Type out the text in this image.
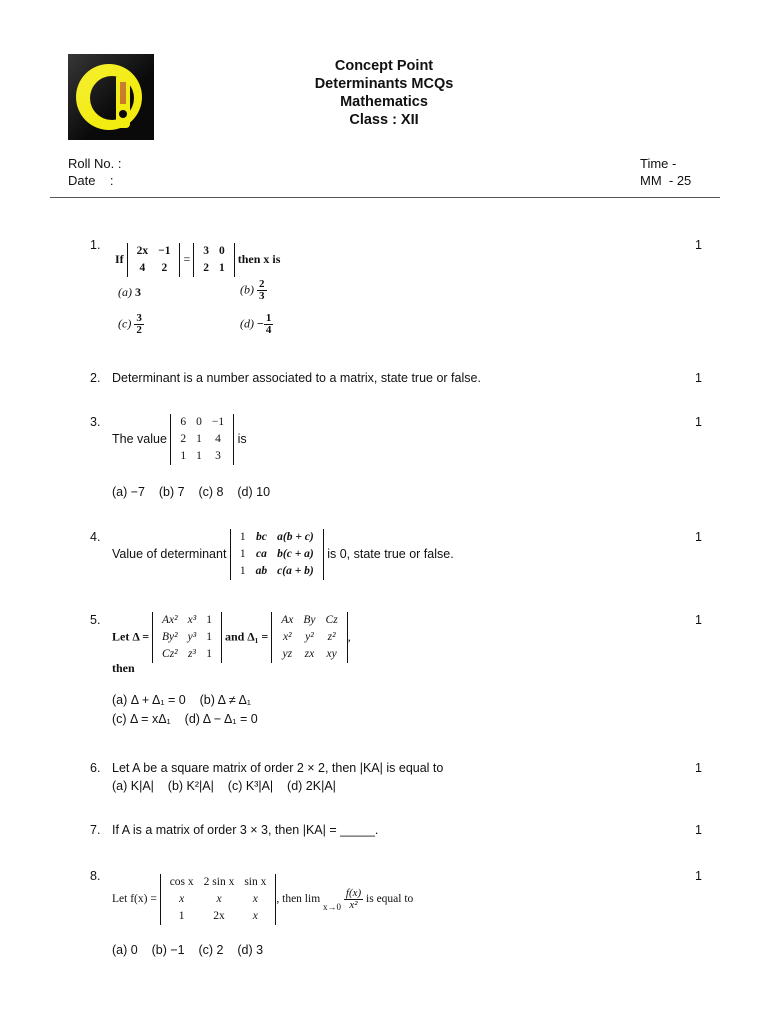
Concept Point
Determinants MCQs
Mathematics
Class : XII
Roll No. :
Date    :
Time -
MM  - 25
1.	1
If
2x	−1
4	2
=
3	0
2	1
then x is
(a) 3	$(b) \frac{2}{3}$
$(c) \frac{3}{2}$	$(d) - \frac{1}{4}$
2. Determinant is a number associated to a matrix, state true or false.	1
3.	1
The value
6	0	−1
2	1	4
1	1	3
is
(a) −7    (b) 7    (c) 8    (d) 10
4.	1
Value of determinant
1	bc	a(b + c)
1	ca	b(c + a)
1	ab	c(a + b)
is 0, state true or false.
5.	1
Let Δ =
Ax²	x³	1
By²	y³	1
Cz²	z³	1
and Δ₁ =
Ax	By	Cz
x²	y²	z²
yz	zx	xy
,
then
(a) Δ + Δ₁ = 0    (b) Δ ≠ Δ₁
(c) Δ = xΔ₁    (d) Δ − Δ₁ = 0
6. Let A be a square matrix of order 2 × 2, then |KA| is equal to	1
(a) K|A|    (b) K²|A|    (c) K³|A|    (d) 2K|A|
7. If A is a matrix of order 3 × 3, then |KA| = _____.	1
8.	1
Let f(x) =
cos x	2 sin x	sin x
x	x	x
1	2x	x
, then lim
x→0
$\frac{f(x)}{\text{x²}}$ is equal to
(a) 0    (b) −1    (c) 2    (d) 3
